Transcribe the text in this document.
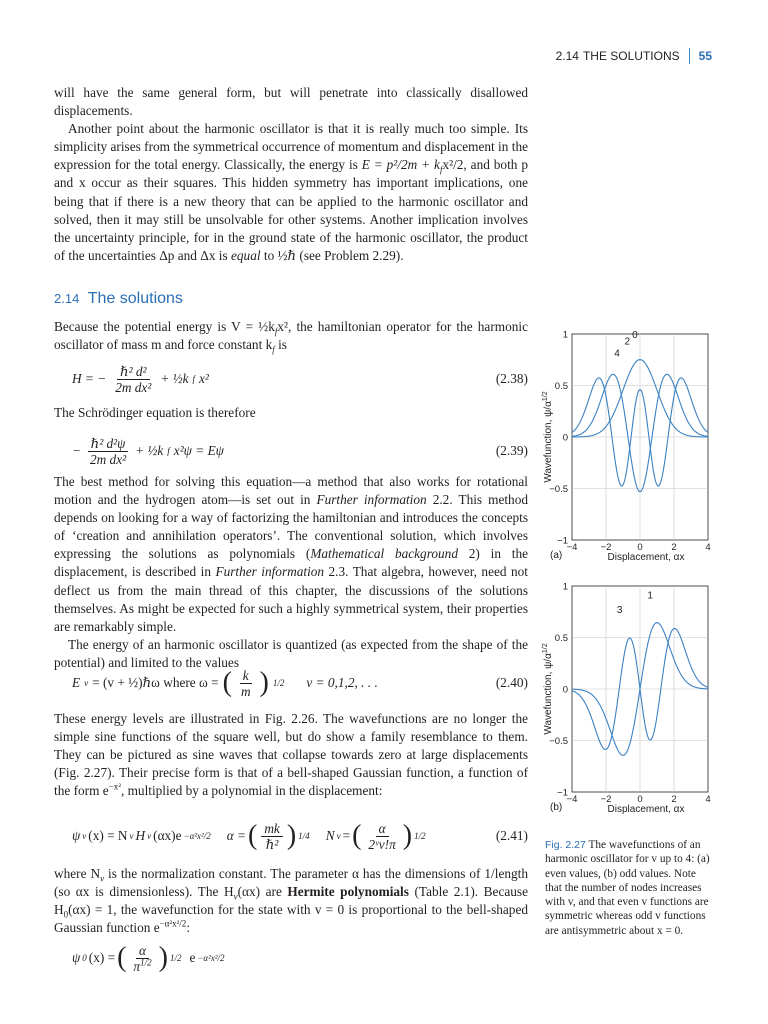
2.14 THE SOLUTIONS 55

will have the same general form, but will penetrate into classically disallowed displacements.

Another point about the harmonic oscillator is that it is really much too simple. Its simplicity arises from the symmetrical occurrence of momentum and displacement in the expression for the total energy. Classically, the energy is $E = p^2/2m + k_fx^2/2$, and both p and x occur as their squares. This hidden symmetry has important implications, one being that if there is a new theory that can be applied to the harmonic oscillator and solved, then it may still be unsolvable for other systems. Another implication involves the uncertainty principle, for in the ground state of the harmonic oscillator, the product of the uncertainties Δp and Δx is equal to ½ℏ (see Problem 2.29).

2.14 The solutions

Because the potential energy is $V = \frac{1}{2}k_fx^2$, the hamiltonian operator for the harmonic oscillator of mass m and force constant $k_f$ is

H = − $\frac{\text{ℏ² d²}}{\text{2m dx²}}$ + ½k f x²	(2.38)

The Schrödinger equation is therefore

− $\frac{\text{ℏ² d²ψ}}{\text{2m dx²}}$ + ½k f x²ψ = Eψ	(2.39)

The best method for solving this equation—a method that also works for rotational motion and the hydrogen atom—is set out in Further information 2.2. This method depends on looking for a way of factorizing the hamiltonian and introduces the concepts of ‘creation and annihilation operators’. The conventional solution, which involves expressing the solutions as polynomials (Mathematical background 2) in the displacement, is described in Further information 2.3. That algebra, however, need not deflect us from the main thread of this chapter, the discussions of the solutions themselves. As might be expected for such a highly symmetrical system, their properties are remarkably simple.

The energy of an harmonic oscillator is quantized (as expected from the shape of the potential) and limited to the values

E v = (v + ½)ℏω where ω = ( $\frac{k}{m}$ ) 1/2 v = 0,1,2, . . .	(2.40)

These energy levels are illustrated in Fig. 2.26. The wavefunctions are no longer the simple sine functions of the square well, but do show a family resemblance to them. They can be pictured as sine waves that collapse towards zero at large displacements (Fig. 2.27). Their precise form is that of a bell-shaped Gaussian function, a function of the form $e^{-x^2}$, multiplied by a polynomial in the displacement:

ψ v (x) = N v H v (αx)e −α²x²/2 α = ( $\frac{mk}{\text{ℏ²}}$ ) 1/4 N v = ( $\frac{\alpha}{\text{2ᵛv!π}}$ ) 1/2	(2.41)

where $N_v$ is the normalization constant. The parameter α has the dimensions of 1/length (so αx is dimensionless). The $H_v(\alpha x)$ are Hermite polynomials (Table 2.1). Because $H_0(\alpha x) = 1$, the wavefunction for the state with v = 0 is proportional to the bell-shaped Gaussian function $e^{-\alpha^2x^2/2}$:

ψ 0 (x) = ( $\frac{\alpha}{\pi^{1/2}}$ ) 1/2 e −α²x²/2
1
0.5
0
−0.5
−1
−4 −2	0	2	4
Displacement, αx
Wavefunction, $\psi/\alpha^{1/2}$
(a)
0
2
4
1
0.5
0
−0.5
−1
−4 −2	0	2	4
Displacement, αx
Wavefunction, $\psi/\alpha^{1/2}$
(b)
1
3
Fig. 2.27 The wavefunctions of an harmonic oscillator for v up to 4: (a) even values, (b) odd values. Note that the number of nodes increases with v, and that even v functions are symmetric whereas odd v functions are antisymmetric about x = 0.
